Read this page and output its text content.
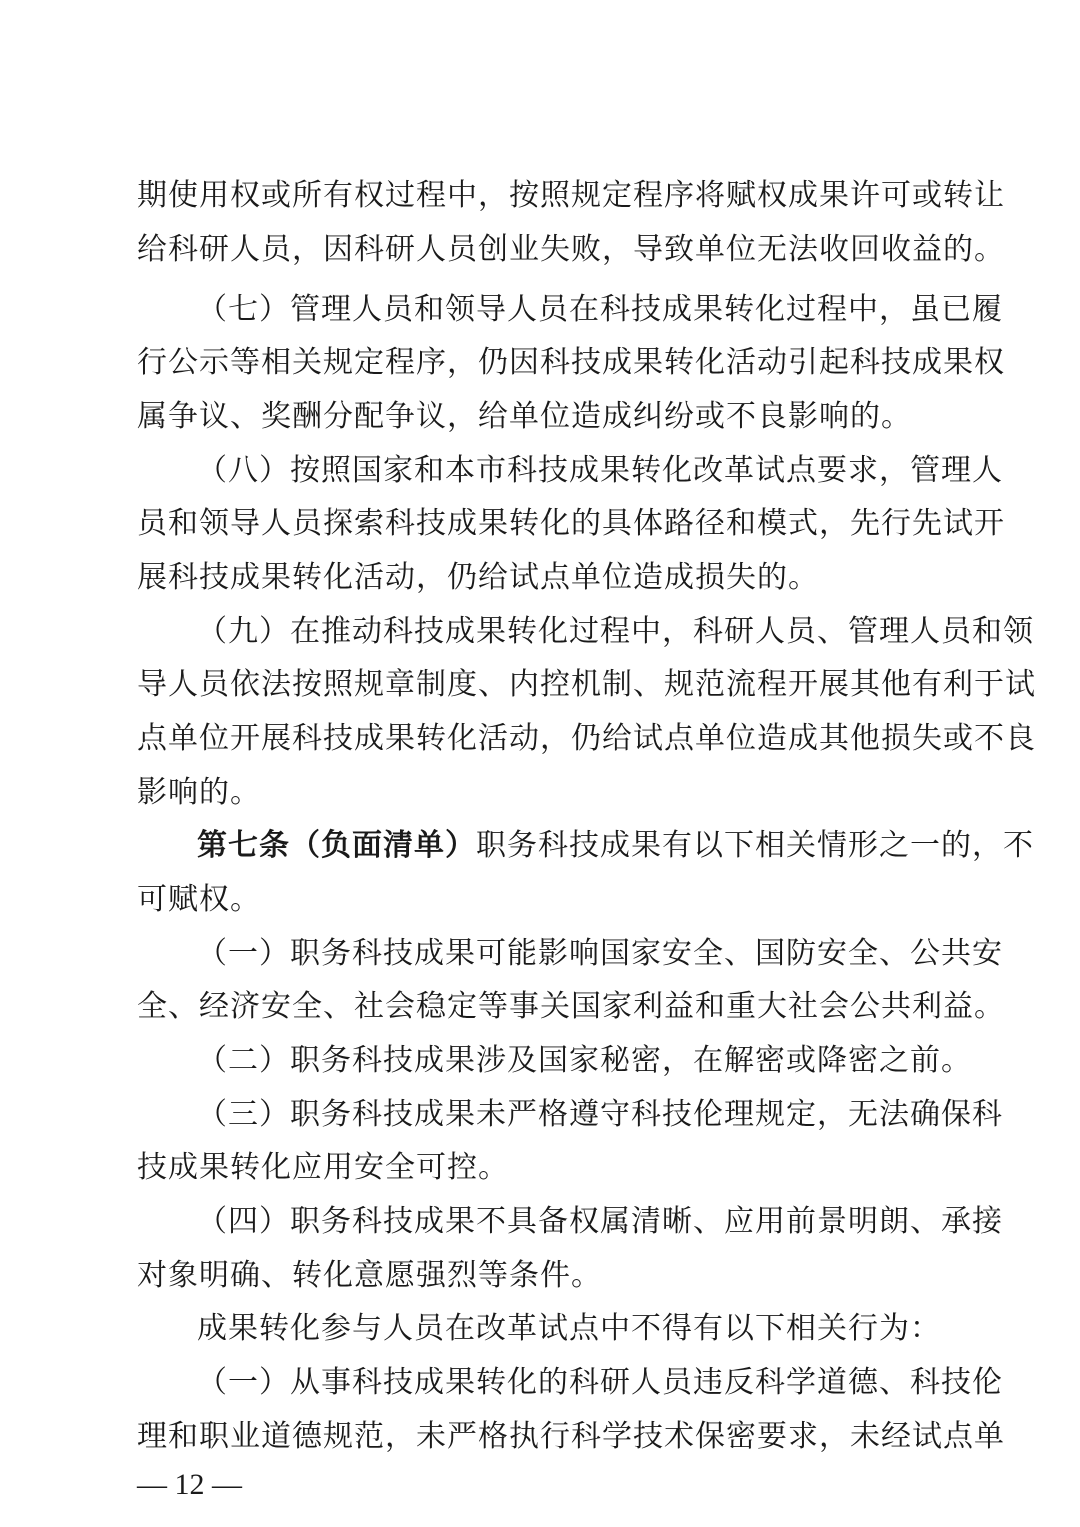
期使用权或所有权过程中，按照规定程序将赋权成果许可或转让
给科研人员，因科研人员创业失败，导致单位无法收回收益的。
（七）管理人员和领导人员在科技成果转化过程中，虽已履
行公示等相关规定程序，仍因科技成果转化活动引起科技成果权
属争议、奖酬分配争议，给单位造成纠纷或不良影响的。
（八）按照国家和本市科技成果转化改革试点要求，管理人
员和领导人员探索科技成果转化的具体路径和模式，先行先试开
展科技成果转化活动，仍给试点单位造成损失的。
（九）在推动科技成果转化过程中，科研人员、管理人员和领
导人员依法按照规章制度、内控机制、规范流程开展其他有利于试
点单位开展科技成果转化活动，仍给试点单位造成其他损失或不良
影响的。
第七条（负面清单）职务科技成果有以下相关情形之一的，不
可赋权。
（一）职务科技成果可能影响国家安全、国防安全、公共安
全、经济安全、社会稳定等事关国家利益和重大社会公共利益。
（二）职务科技成果涉及国家秘密，在解密或降密之前。
（三）职务科技成果未严格遵守科技伦理规定，无法确保科
技成果转化应用安全可控。
（四）职务科技成果不具备权属清晰、应用前景明朗、承接
对象明确、转化意愿强烈等条件。
成果转化参与人员在改革试点中不得有以下相关行为：
（一）从事科技成果转化的科研人员违反科学道德、科技伦
理和职业道德规范，未严格执行科学技术保密要求，未经试点单
— 12 —
